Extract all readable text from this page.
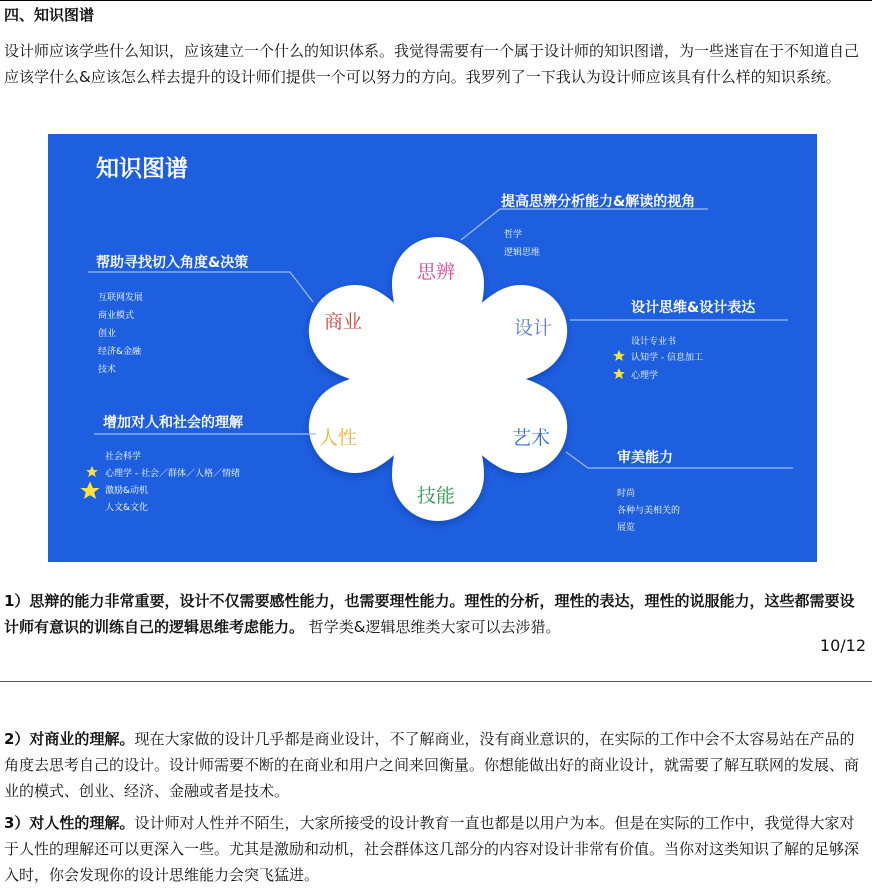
四、知识图谱
设计师应该学些什么知识，应该建立一个什么的知识体系。我觉得需要有一个属于设计师的知识图谱，为一些迷盲在于不知道自己应该学什么&应该怎么样去提升的设计师们提供一个可以努力的方向。我罗列了一下我认为设计师应该具有什么样的知识系统。
知识图谱
思辨
商业	设计
人性	艺术
技能
提高思辨分析能力&解读的视角
哲学
逻辑思维
帮助寻找切入角度&决策
互联网发展
商业模式
创业
经济&金融
技术
设计思维&设计表达
设计专业书
认知学 - 信息加工
心理学
增加对人和社会的理解
社会科学
心理学 - 社会／群体／人格／情绪
激励&动机
人文&文化
审美能力
时尚
各种与美相关的
展览
1）思辩的能力非常重要，设计不仅需要感性能力，也需要理性能力。理性的分析，理性的表达，理性的说服能力，这些都需要设计师有意识的训练自己的逻辑思维考虑能力。 哲学类&逻辑思维类大家可以去涉猎。
10/12
2）对商业的理解。现在大家做的设计几乎都是商业设计，不了解商业，没有商业意识的，在实际的工作中会不太容易站在产品的角度去思考自己的设计。设计师需要不断的在商业和用户之间来回衡量。你想能做出好的商业设计，就需要了解互联网的发展、商业的模式、创业、经济、金融或者是技术。
3）对人性的理解。设计师对人性并不陌生，大家所接受的设计教育一直也都是以用户为本。但是在实际的工作中，我觉得大家对于人性的理解还可以更深入一些。尤其是激励和动机，社会群体这几部分的内容对设计非常有价值。当你对这类知识了解的足够深入时，你会发现你的设计思维能力会突飞猛进。
